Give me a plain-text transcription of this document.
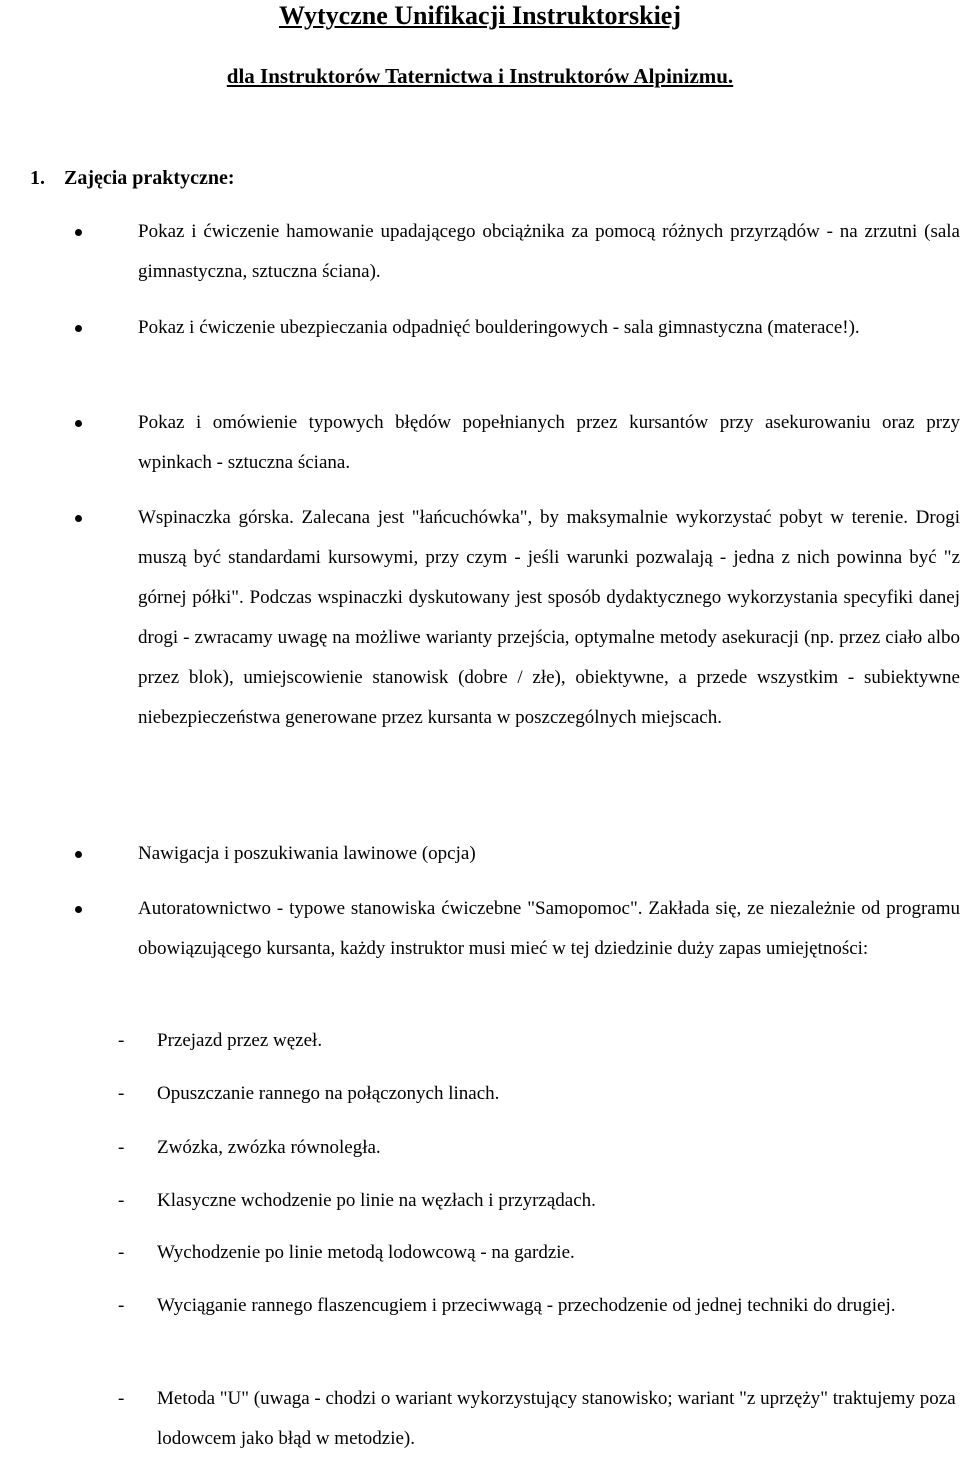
Wytyczne Unifikacji Instruktorskiej
dla Instruktorów Taternictwa i Instruktorów Alpinizmu.
1. Zajęcia praktyczne:

Pokaz i ćwiczenie hamowanie upadającego obciążnika za pomocą różnych przyrządów - na zrzutni (sala gimnastyczna, sztuczna ściana).

Pokaz i ćwiczenie ubezpieczania odpadnięć boulderingowych - sala gimnastyczna (materace!).

Pokaz i omówienie typowych błędów popełnianych przez kursantów przy asekurowaniu oraz przy wpinkach - sztuczna ściana.

Wspinaczka górska. Zalecana jest "łańcuchówka", by maksymalnie wykorzystać pobyt w terenie. Drogi muszą być standardami kursowymi, przy czym - jeśli warunki pozwalają - jedna z nich powinna być "z górnej półki". Podczas wspinaczki dyskutowany jest sposób dydaktycznego wykorzystania specyfiki danej drogi - zwracamy uwagę na możliwe warianty przejścia, optymalne metody asekuracji (np. przez ciało albo przez blok), umiejscowienie stanowisk (dobre / złe), obiektywne, a przede wszystkim - subiektywne niebezpieczeństwa generowane przez kursanta w poszczególnych miejscach.

Nawigacja i poszukiwania lawinowe (opcja)

Autoratownictwo - typowe stanowiska ćwiczebne "Samopomoc". Zakłada się, ze niezależnie od programu obowiązującego kursanta, każdy instruktor musi mieć w tej dziedzinie duży zapas umiejętności:

- Przejazd przez węzeł.

- Opuszczanie rannego na połączonych linach.

- Zwózka, zwózka równoległa.

- Klasyczne wchodzenie po linie na węzłach i przyrządach.

- Wychodzenie po linie metodą lodowcową - na gardzie.

- Wyciąganie rannego flaszencugiem i przeciwwagą - przechodzenie od jednej techniki do drugiej.

- Metoda "U" (uwaga - chodzi o wariant wykorzystujący stanowisko; wariant "z uprzęży" traktujemy poza lodowcem jako błąd w metodzie).
